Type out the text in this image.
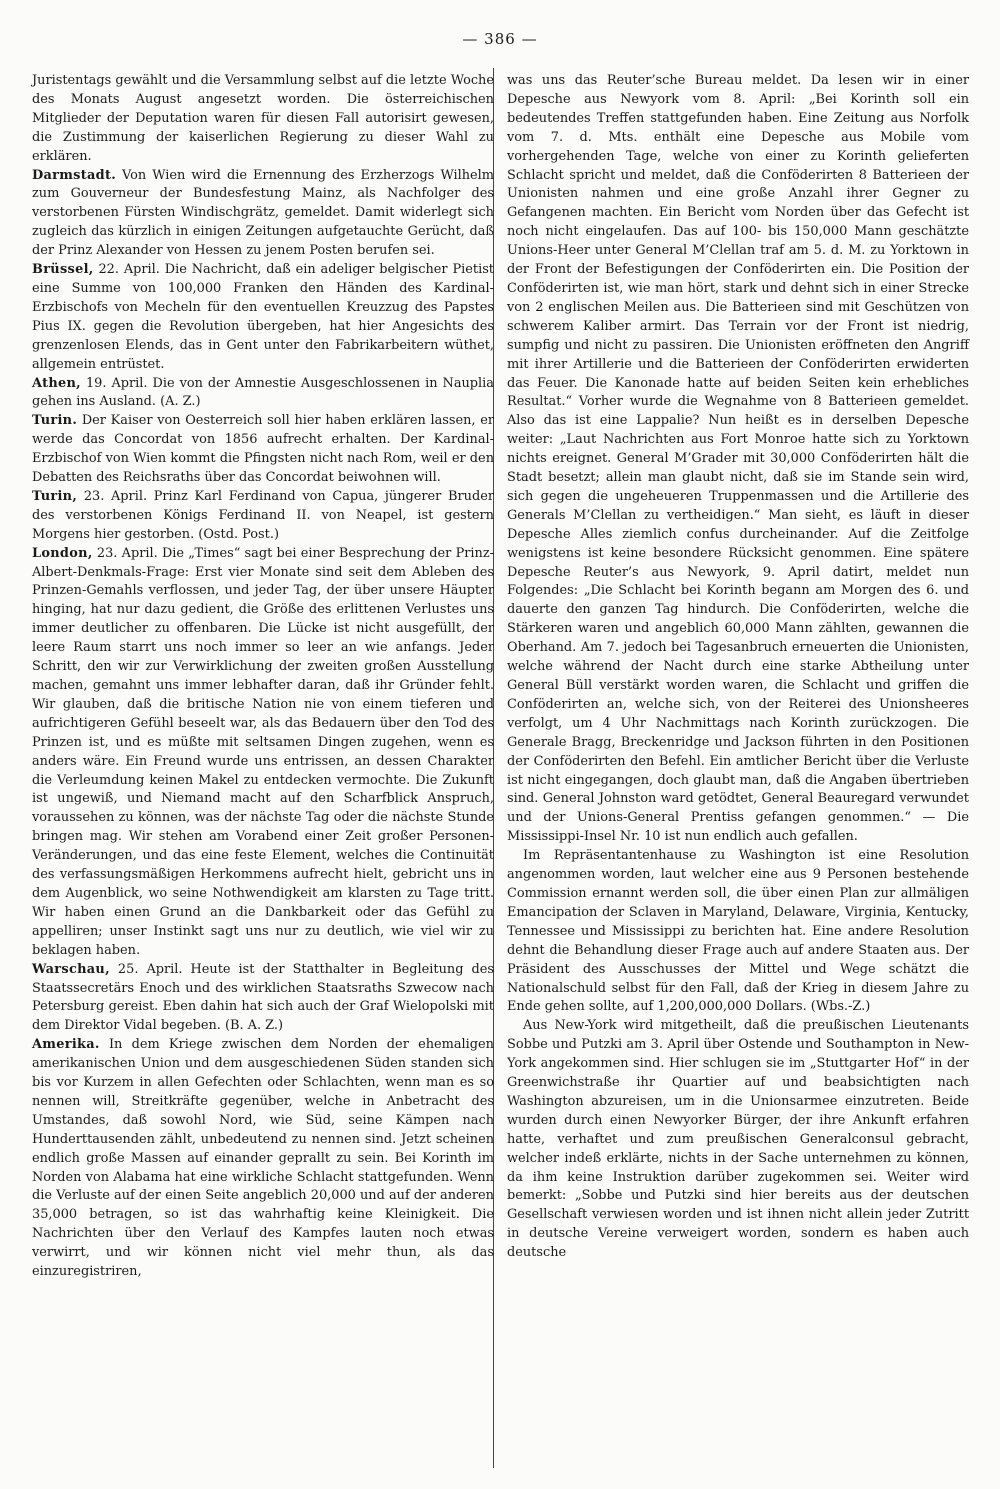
— 386 —

Juristentags gewählt und die Versammlung selbst auf die letzte Woche des Monats August angesetzt worden. Die österreichischen Mitglieder der Deputation waren für diesen Fall autorisirt gewesen, die Zustimmung der kaiserlichen Regierung zu dieser Wahl zu erklären.

Darmstadt. Von Wien wird die Ernennung des Erzherzogs Wilhelm zum Gouverneur der Bundesfestung Mainz, als Nachfolger des verstorbenen Fürsten Windischgrätz, gemeldet. Damit widerlegt sich zugleich das kürzlich in einigen Zeitungen aufgetauchte Gerücht, daß der Prinz Alexander von Hessen zu jenem Posten berufen sei.

Brüssel, 22. April. Die Nachricht, daß ein adeliger belgischer Pietist eine Summe von 100,000 Franken den Händen des Kardinal-Erzbischofs von Mecheln für den eventuellen Kreuzzug des Papstes Pius IX. gegen die Revolution übergeben, hat hier Angesichts des grenzenlosen Elends, das in Gent unter den Fabrikarbeitern wüthet, allgemein entrüstet.

Athen, 19. April. Die von der Amnestie Ausgeschlossenen in Nauplia gehen ins Ausland. (A. Z.)

Turin. Der Kaiser von Oesterreich soll hier haben erklären lassen, er werde das Concordat von 1856 aufrecht erhalten. Der Kardinal-Erzbischof von Wien kommt die Pfingsten nicht nach Rom, weil er den Debatten des Reichsraths über das Concordat beiwohnen will.

Turin, 23. April. Prinz Karl Ferdinand von Capua, jüngerer Bruder des verstorbenen Königs Ferdinand II. von Neapel, ist gestern Morgens hier gestorben. (Ostd. Post.)

London, 23. April. Die „Times“ sagt bei einer Besprechung der Prinz-Albert-Denkmals-Frage: Erst vier Monate sind seit dem Ableben des Prinzen-Gemahls verflossen, und jeder Tag, der über unsere Häupter hinging, hat nur dazu gedient, die Größe des erlittenen Verlustes uns immer deutlicher zu offenbaren. Die Lücke ist nicht ausgefüllt, der leere Raum starrt uns noch immer so leer an wie anfangs. Jeder Schritt, den wir zur Verwirklichung der zweiten großen Ausstellung machen, gemahnt uns immer lebhafter daran, daß ihr Gründer fehlt. Wir glauben, daß die britische Nation nie von einem tieferen und aufrichtigeren Gefühl beseelt war, als das Bedauern über den Tod des Prinzen ist, und es müßte mit seltsamen Dingen zugehen, wenn es anders wäre. Ein Freund wurde uns entrissen, an dessen Charakter die Verleumdung keinen Makel zu entdecken vermochte. Die Zukunft ist ungewiß, und Niemand macht auf den Scharfblick Anspruch, voraussehen zu können, was der nächste Tag oder die nächste Stunde bringen mag. Wir stehen am Vorabend einer Zeit großer Personen-Veränderungen, und das eine feste Element, welches die Continuität des verfassungsmäßigen Herkommens aufrecht hielt, gebricht uns in dem Augenblick, wo seine Nothwendigkeit am klarsten zu Tage tritt. Wir haben einen Grund an die Dankbarkeit oder das Gefühl zu appelliren; unser Instinkt sagt uns nur zu deutlich, wie viel wir zu beklagen haben.

Warschau, 25. April. Heute ist der Statthalter in Begleitung des Staatssecretärs Enoch und des wirklichen Staatsraths Szwecow nach Petersburg gereist. Eben dahin hat sich auch der Graf Wielopolski mit dem Direktor Vidal begeben. (B. A. Z.)

Amerika. In dem Kriege zwischen dem Norden der ehemaligen amerikanischen Union und dem ausgeschiedenen Süden standen sich bis vor Kurzem in allen Gefechten oder Schlachten, wenn man es so nennen will, Streitkräfte gegenüber, welche in Anbetracht des Umstandes, daß sowohl Nord, wie Süd, seine Kämpen nach Hunderttausenden zählt, unbedeutend zu nennen sind. Jetzt scheinen endlich große Massen auf einander geprallt zu sein. Bei Korinth im Norden von Alabama hat eine wirkliche Schlacht stattgefunden. Wenn die Verluste auf der einen Seite angeblich 20,000 und auf der anderen 35,000 betragen, so ist das wahrhaftig keine Kleinigkeit. Die Nachrichten über den Verlauf des Kampfes lauten noch etwas verwirrt, und wir können nicht viel mehr thun, als das einzuregistriren,

was uns das Reuter’sche Bureau meldet. Da lesen wir in einer Depesche aus Newyork vom 8. April: „Bei Korinth soll ein bedeutendes Treffen stattgefunden haben. Eine Zeitung aus Norfolk vom 7. d. Mts. enthält eine Depesche aus Mobile vom vorhergehenden Tage, welche von einer zu Korinth gelieferten Schlacht spricht und meldet, daß die Conföderirten 8 Batterieen der Unionisten nahmen und eine große Anzahl ihrer Gegner zu Gefangenen machten. Ein Bericht vom Norden über das Gefecht ist noch nicht eingelaufen. Das auf 100- bis 150,000 Mann geschätzte Unions-Heer unter General M’Clellan traf am 5. d. M. zu Yorktown in der Front der Befestigungen der Conföderirten ein. Die Position der Conföderirten ist, wie man hört, stark und dehnt sich in einer Strecke von 2 englischen Meilen aus. Die Batterieen sind mit Geschützen von schwerem Kaliber armirt. Das Terrain vor der Front ist niedrig, sumpfig und nicht zu passiren. Die Unionisten eröffneten den Angriff mit ihrer Artillerie und die Batterieen der Conföderirten erwiderten das Feuer. Die Kanonade hatte auf beiden Seiten kein erhebliches Resultat.“ Vorher wurde die Wegnahme von 8 Batterieen gemeldet. Also das ist eine Lappalie? Nun heißt es in derselben Depesche weiter: „Laut Nachrichten aus Fort Monroe hatte sich zu Yorktown nichts ereignet. General M’Grader mit 30,000 Conföderirten hält die Stadt besetzt; allein man glaubt nicht, daß sie im Stande sein wird, sich gegen die ungeheueren Truppenmassen und die Artillerie des Generals M’Clellan zu vertheidigen.“ Man sieht, es läuft in dieser Depesche Alles ziemlich confus durcheinander. Auf die Zeitfolge wenigstens ist keine besondere Rücksicht genommen. Eine spätere Depesche Reuter’s aus Newyork, 9. April datirt, meldet nun Folgendes: „Die Schlacht bei Korinth begann am Morgen des 6. und dauerte den ganzen Tag hindurch. Die Conföderirten, welche die Stärkeren waren und angeblich 60,000 Mann zählten, gewannen die Oberhand. Am 7. jedoch bei Tagesanbruch erneuerten die Unionisten, welche während der Nacht durch eine starke Abtheilung unter General Büll verstärkt worden waren, die Schlacht und griffen die Conföderirten an, welche sich, von der Reiterei des Unionsheeres verfolgt, um 4 Uhr Nachmittags nach Korinth zurückzogen. Die Generale Bragg, Breckenridge und Jackson führten in den Positionen der Conföderirten den Befehl. Ein amtlicher Bericht über die Verluste ist nicht eingegangen, doch glaubt man, daß die Angaben übertrieben sind. General Johnston ward getödtet, General Beauregard verwundet und der Unions-General Prentiss gefangen genommen.“ — Die Mississippi-Insel Nr. 10 ist nun endlich auch gefallen.

Im Repräsentantenhause zu Washington ist eine Resolution angenommen worden, laut welcher eine aus 9 Personen bestehende Commission ernannt werden soll, die über einen Plan zur allmäligen Emancipation der Sclaven in Maryland, Delaware, Virginia, Kentucky, Tennessee und Mississippi zu berichten hat. Eine andere Resolution dehnt die Behandlung dieser Frage auch auf andere Staaten aus. Der Präsident des Ausschusses der Mittel und Wege schätzt die Nationalschuld selbst für den Fall, daß der Krieg in diesem Jahre zu Ende gehen sollte, auf 1,200,000,000 Dollars. (Wbs.-Z.)

Aus New-York wird mitgetheilt, daß die preußischen Lieutenants Sobbe und Putzki am 3. April über Ostende und Southampton in New-York angekommen sind. Hier schlugen sie im „Stuttgarter Hof“ in der Greenwichstraße ihr Quartier auf und beabsichtigten nach Washington abzureisen, um in die Unionsarmee einzutreten. Beide wurden durch einen Newyorker Bürger, der ihre Ankunft erfahren hatte, verhaftet und zum preußischen Generalconsul gebracht, welcher indeß erklärte, nichts in der Sache unternehmen zu können, da ihm keine Instruktion darüber zugekommen sei. Weiter wird bemerkt: „Sobbe und Putzki sind hier bereits aus der deutschen Gesellschaft verwiesen worden und ist ihnen nicht allein jeder Zutritt in deutsche Vereine verweigert worden, sondern es haben auch deutsche
